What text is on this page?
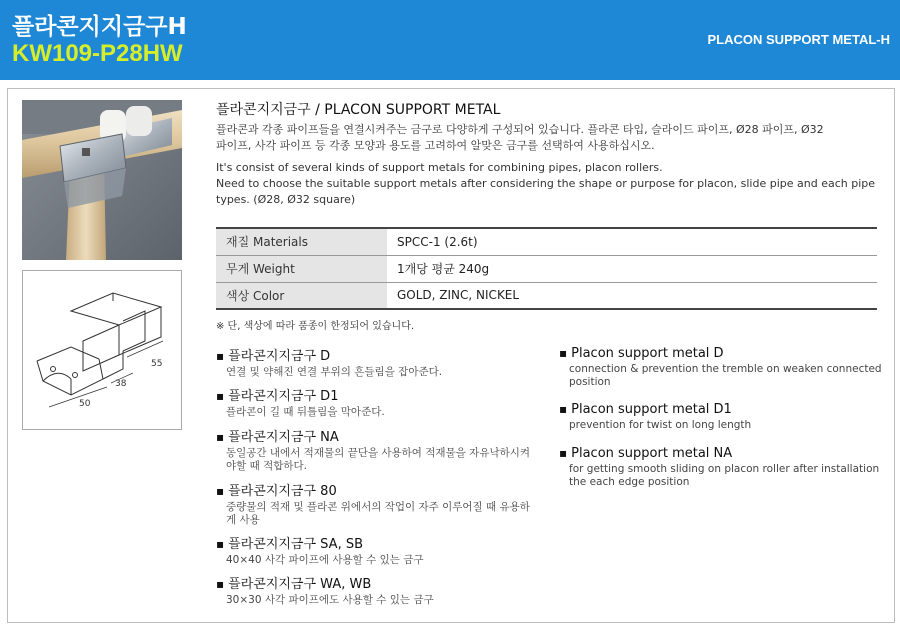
플라콘지지금구H
KW109-P28HW
PLACON SUPPORT METAL-H
55
38
50
플라콘지지금구 / PLACON SUPPORT METAL
플라콘과 각종 파이프들을 연결시켜주는 금구로 다양하게 구성되어 있습니다. 플라콘 타입, 슬라이드 파이프, Ø28 파이프, Ø32
파이프, 사각 파이프 등 각종 모양과 용도를 고려하여 알맞은 금구를 선택하여 사용하십시오.
It's consist of several kinds of support metals for combining pipes, placon rollers.
Need to choose the suitable support metals after considering the shape or purpose for placon, slide pipe and each pipe
types. (Ø28, Ø32 square)
재질 Materials	SPCC-1 (2.6t)
무게 Weight	1개당 평균 240g
색상 Color	GOLD, ZINC, NICKEL
※ 단, 색상에 따라 품종이 한정되어 있습니다.
▪ 플라콘지지금구 D
연결 및 약해진 연결 부위의 흔들림을 잡아준다.
▪ 플라콘지지금구 D1
플라콘이 길 때 뒤틀림을 막아준다.
▪ 플라콘지지금구 NA
동일공간 내에서 적재물의 끝단을 사용하여 적재물을 자유낙하시켜
야할 때 적합하다.
▪ 플라콘지지금구 80
중량물의 적재 및 플라콘 위에서의 작업이 자주 이루어질 때 유용하
게 사용
▪ 플라콘지지금구 SA, SB
40×40 사각 파이프에 사용할 수 있는 금구
▪ 플라콘지지금구 WA, WB
30×30 사각 파이프에도 사용할 수 있는 금구
▪ Placon support metal D
connection & prevention the tremble on weaken connected
position
▪ Placon support metal D1
prevention for twist on long length
▪ Placon support metal NA
for getting smooth sliding on placon roller after installation
the each edge position
